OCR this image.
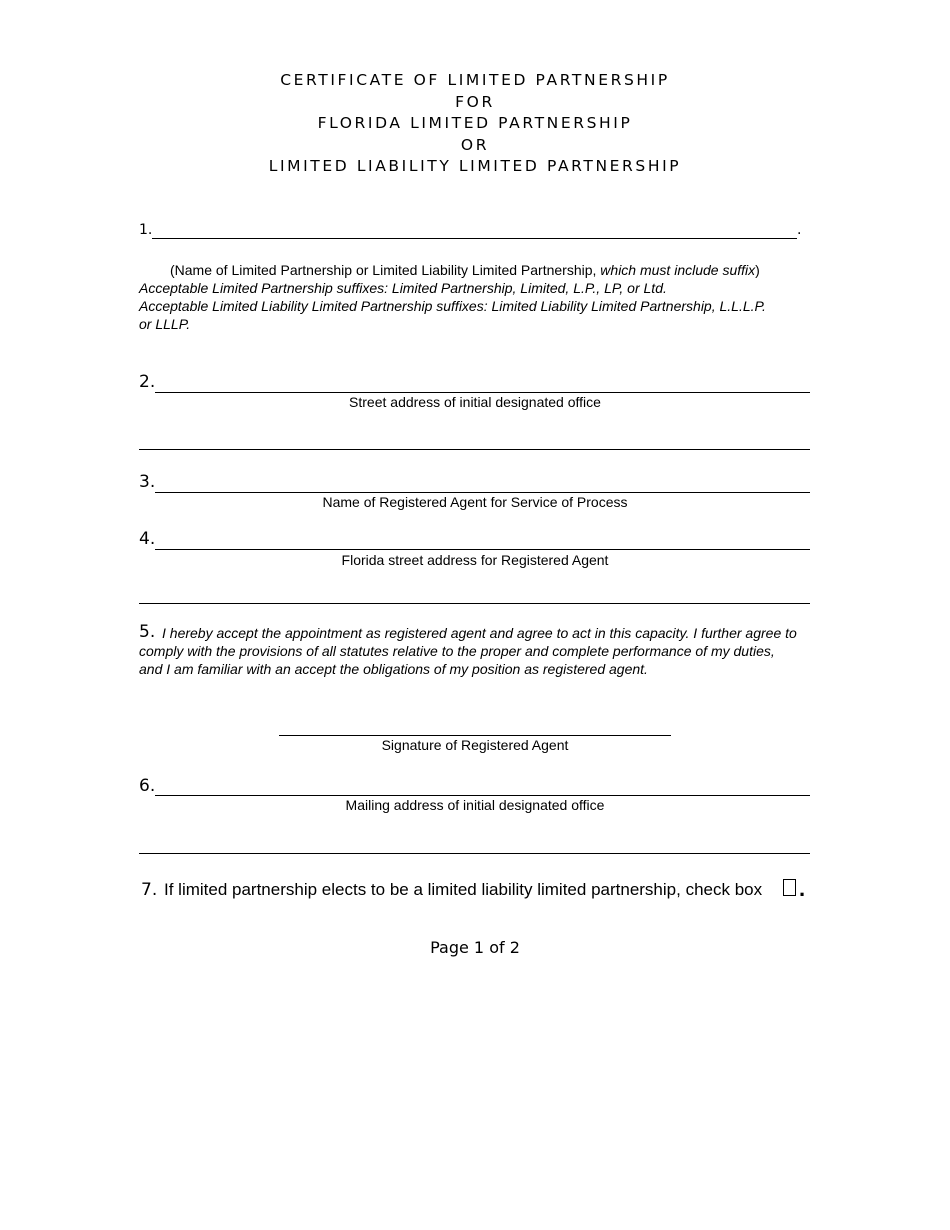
CERTIFICATE OF LIMITED PARTNERSHIP
FOR
FLORIDA LIMITED PARTNERSHIP
OR
LIMITED LIABILITY LIMITED PARTNERSHIP
1.	.
(Name of Limited Partnership or Limited Liability Limited Partnership, which must include suffix)
Acceptable Limited Partnership suffixes: Limited Partnership, Limited, L.P., LP, or Ltd.
Acceptable Limited Liability Limited Partnership suffixes: Limited Liability Limited Partnership, L.L.L.P.
or LLLP.
2.
Street address of initial designated office
3.
Name of Registered Agent for Service of Process
4.
Florida street address for Registered Agent
5. I hereby accept the appointment as registered agent and agree to act in this capacity. I further agree to
comply with the provisions of all statutes relative to the proper and complete performance of my duties,
and I am familiar with an accept the obligations of my position as registered agent.
Signature of Registered Agent
6.
Mailing address of initial designated office
7. If limited partnership elects to be a limited liability limited partnership, check box .
Page 1 of 2
